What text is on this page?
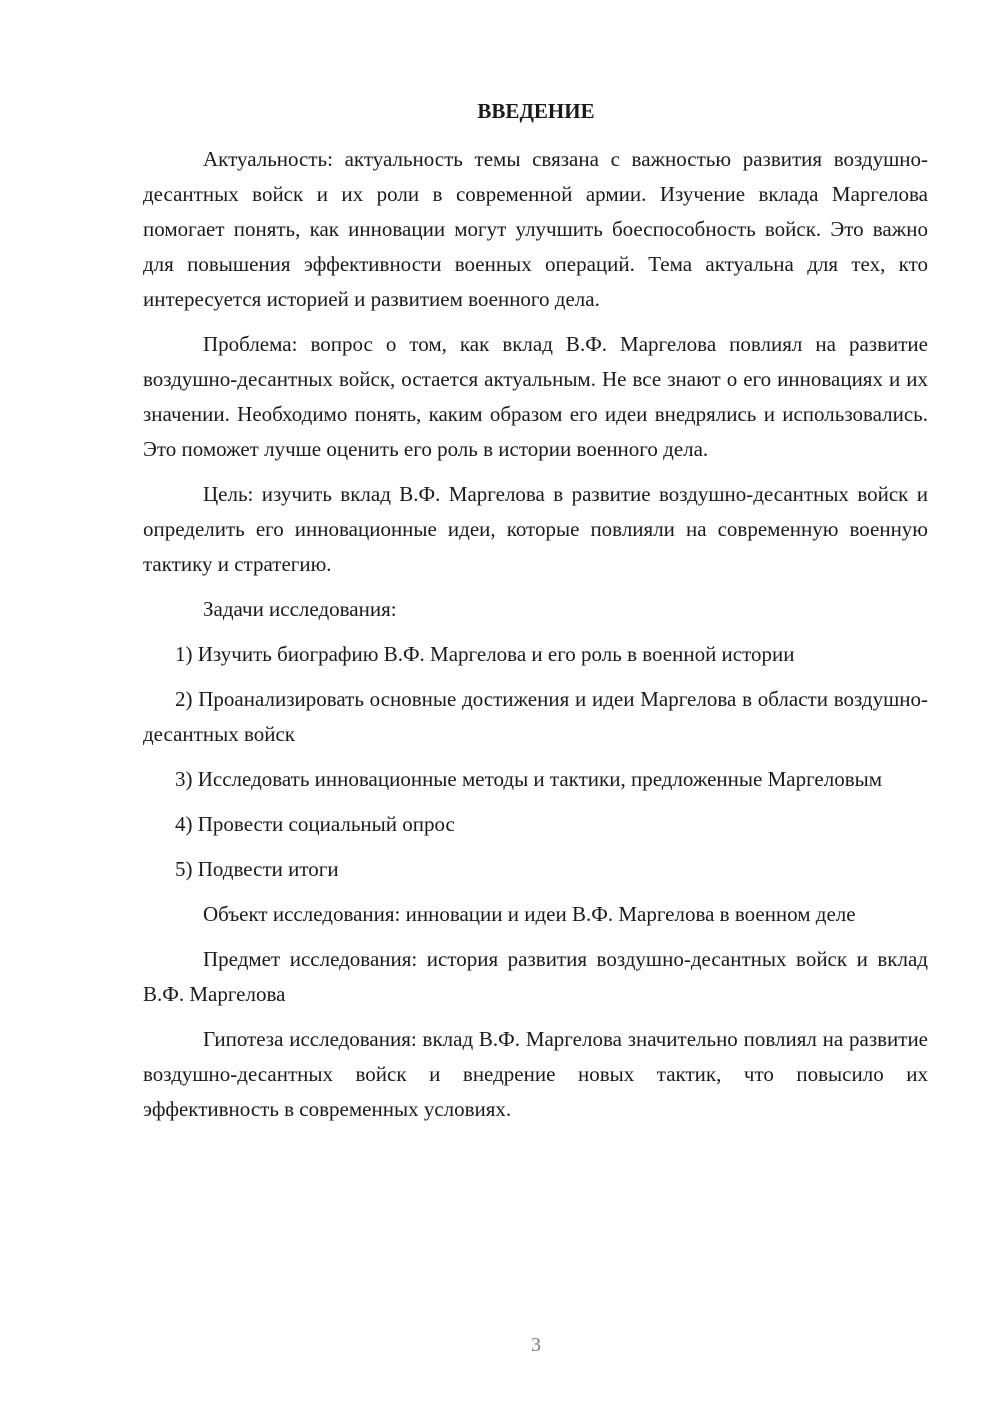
ВВЕДЕНИЕ

Актуальность: актуальность темы связана с важностью развития воздушно-десантных войск и их роли в современной армии. Изучение вклада Маргелова помогает понять, как инновации могут улучшить боеспособность войск. Это важно для повышения эффективности военных операций. Тема актуальна для тех, кто интересуется историей и развитием военного дела.

Проблема: вопрос о том, как вклад В.Ф. Маргелова повлиял на развитие воздушно-десантных войск, остается актуальным. Не все знают о его инновациях и их значении. Необходимо понять, каким образом его идеи внедрялись и использовались. Это поможет лучше оценить его роль в истории военного дела.

Цель: изучить вклад В.Ф. Маргелова в развитие воздушно-десантных войск и определить его инновационные идеи, которые повлияли на современную военную тактику и стратегию.

Задачи исследования:

1) Изучить биографию В.Ф. Маргелова и его роль в военной истории

2) Проанализировать основные достижения и идеи Маргелова в области воздушно-десантных войск

3) Исследовать инновационные методы и тактики, предложенные Маргеловым

4) Провести социальный опрос

5) Подвести итоги

Объект исследования: инновации и идеи В.Ф. Маргелова в военном деле

Предмет исследования: история развития воздушно-десантных войск и вклад В.Ф. Маргелова

Гипотеза исследования: вклад В.Ф. Маргелова значительно повлиял на развитие воздушно-десантных войск и внедрение новых тактик, что повысило их эффективность в современных условиях.

3
